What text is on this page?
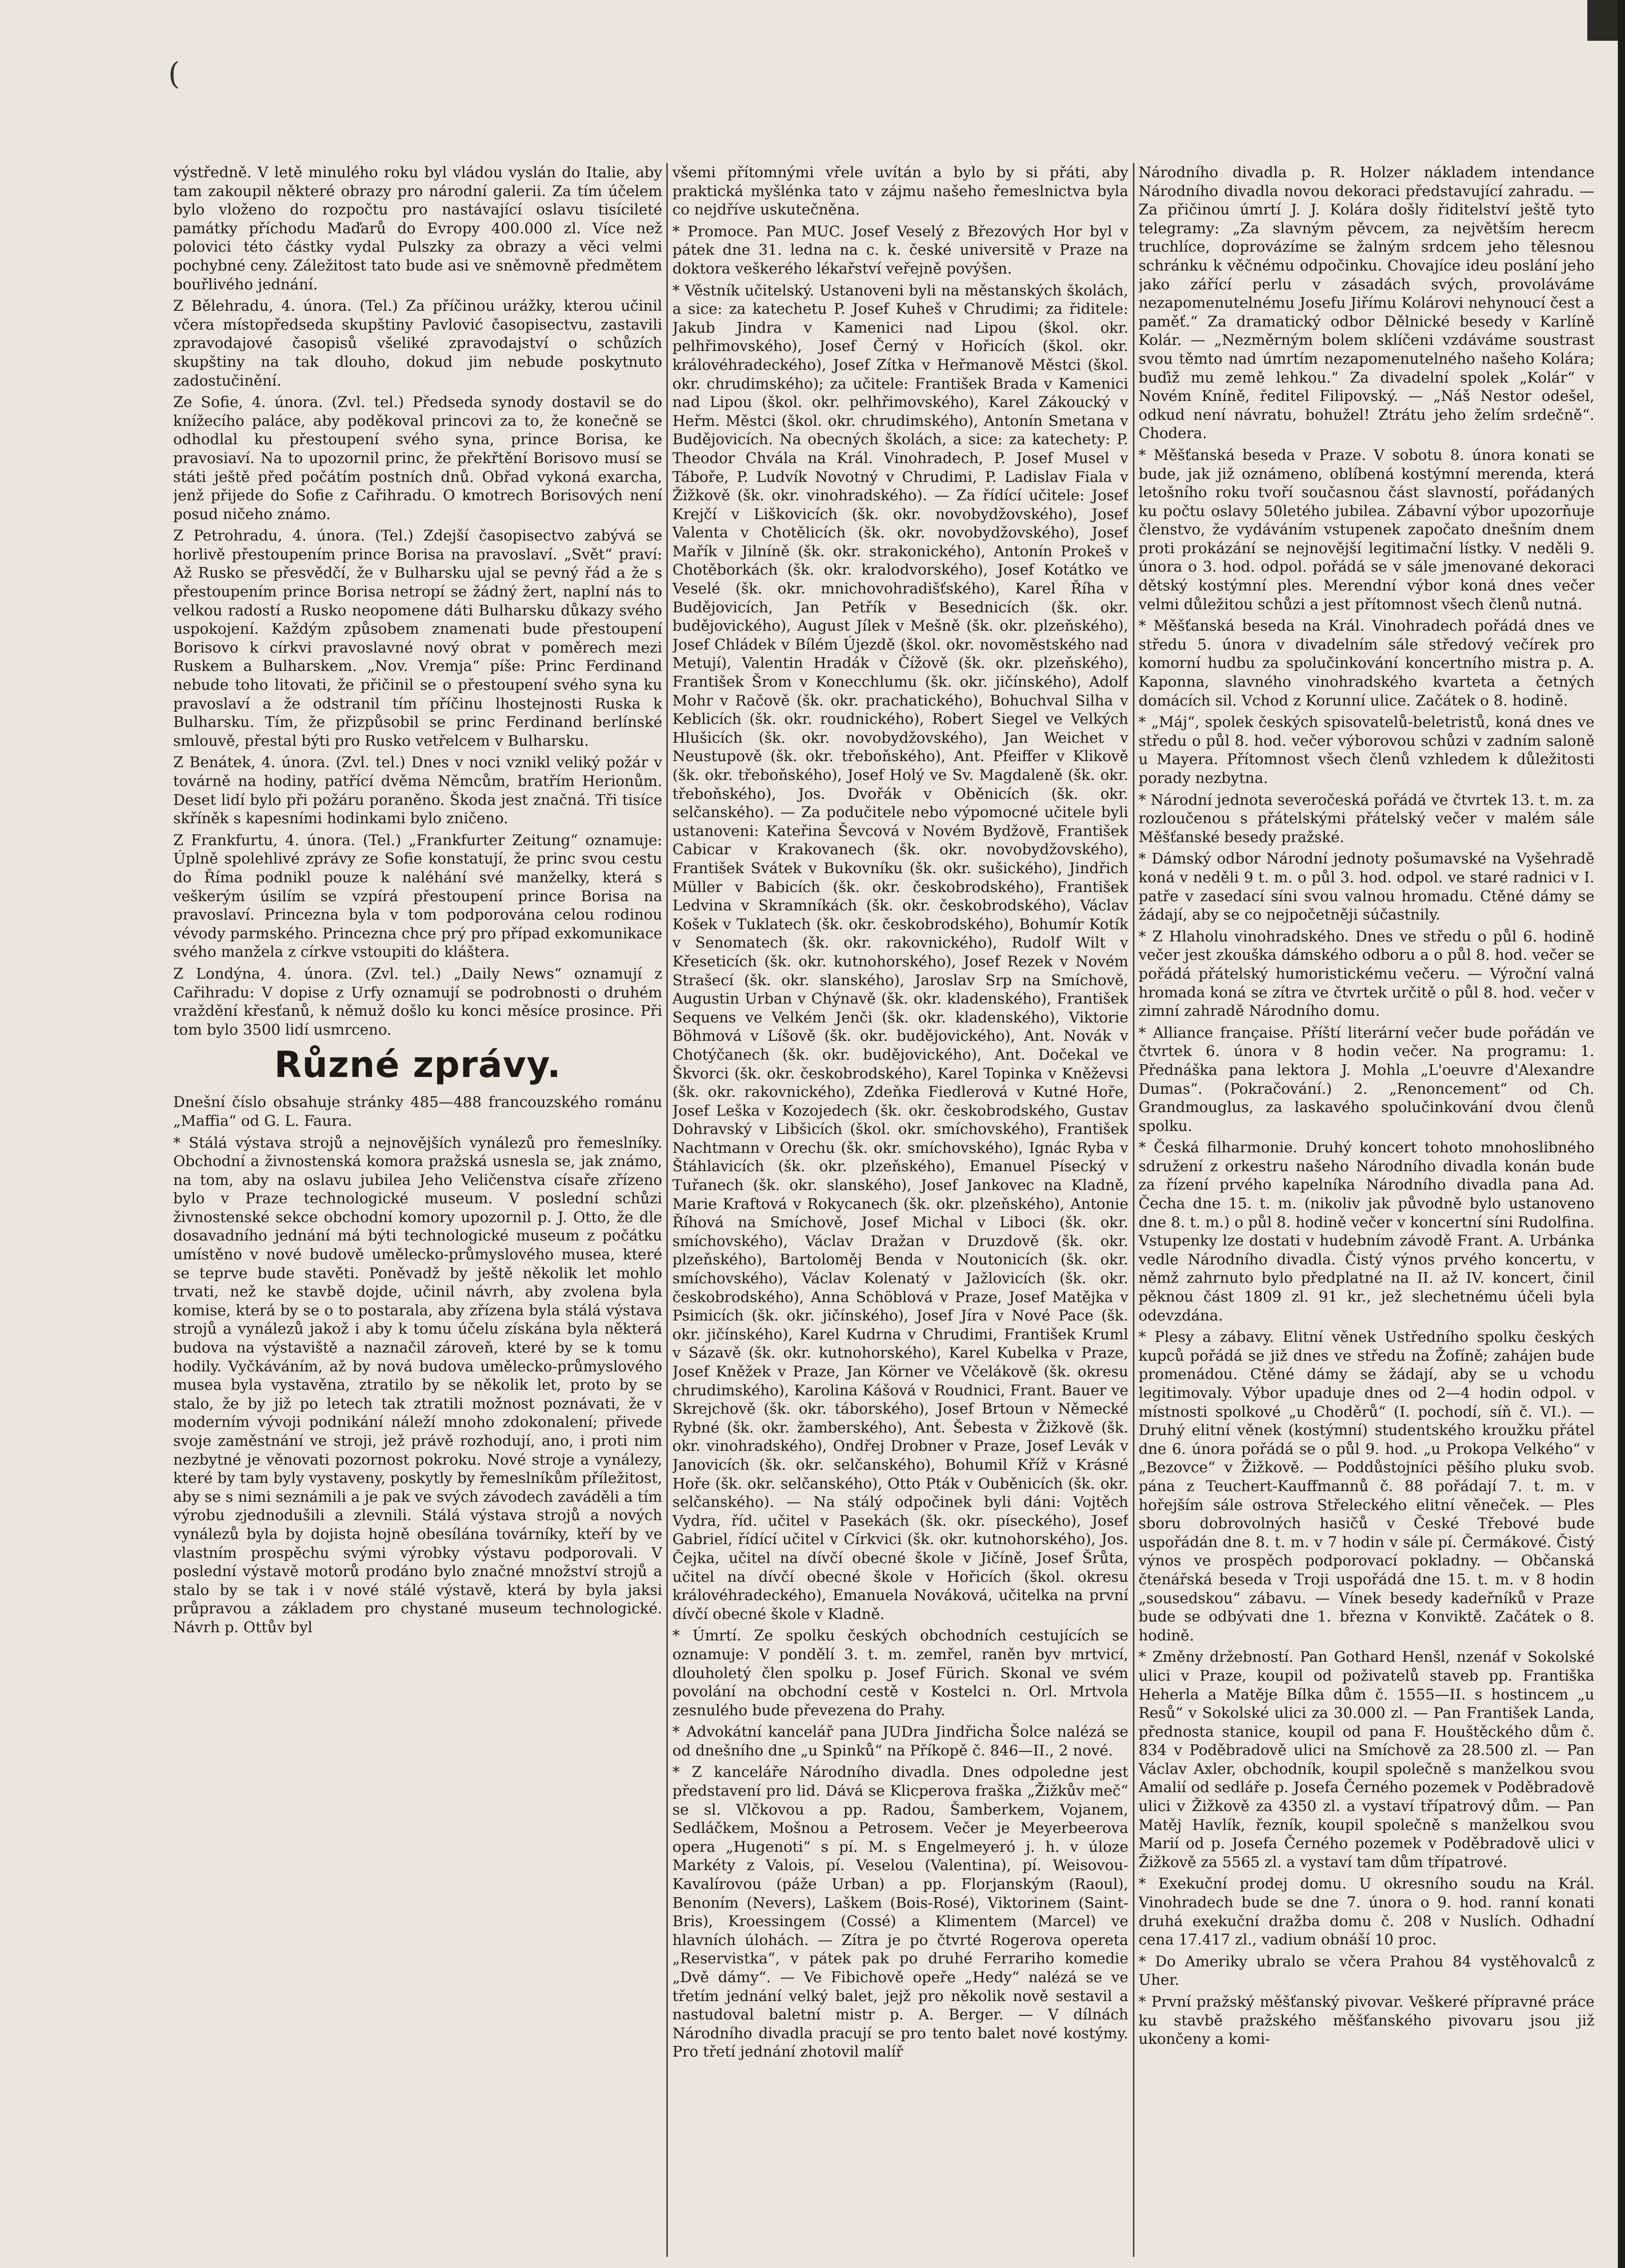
(

výstředně. V letě minulého roku byl vládou vyslán do Italie, aby tam zakoupil některé obrazy pro národní galerii. Za tím účelem bylo vloženo do rozpočtu pro nastávající oslavu tisícileté památky příchodu Maďarů do Evropy 400.000 zl. Více než polovici této částky vydal Pulszky za obrazy a věci velmi pochybné ceny. Záležitost tato bude asi ve sněmovně předmětem bouřlivého jednání.

Z Bělehradu, 4. února. (Tel.) Za příčinou urážky, kterou učinil včera místopředseda skupštiny Pavlović časopisectvu, zastavili zpravodajové časopisů všeliké zpravodajství o schůzích skupštiny na tak dlouho, dokud jim nebude poskytnuto zadostučinění.

Ze Sofie, 4. února. (Zvl. tel.) Předseda synody dostavil se do knížecího paláce, aby poděkoval princovi za to, že konečně se odhodlal ku přestoupení svého syna, prince Borisa, ke pravosiaví. Na to upozornil princ, že překřtění Borisovo musí se státi ještě před počátím postních dnů. Obřad vykoná exarcha, jenž přijede do Sofie z Cařihradu. O kmotrech Borisových není posud ničeho známo.

Z Petrohradu, 4. února. (Tel.) Zdejší časopisectvo zabývá se horlivě přestoupením prince Borisa na pravoslaví. „Svět“ praví: Až Rusko se přesvědčí, že v Bulharsku ujal se pevný řád a že s přestoupením prince Borisa netropí se žádný žert, naplní nás to velkou radostí a Rusko neopomene dáti Bulharsku důkazy svého uspokojení. Každým způsobem znamenati bude přestoupení Borisovo k církvi pravoslavné nový obrat v poměrech mezi Ruskem a Bulharskem. „Nov. Vremja“ píše: Princ Ferdinand nebude toho litovati, že přičinil se o přestoupení svého syna ku pravoslaví a že odstranil tím příčinu lhostejnosti Ruska k Bulharsku. Tím, že přizpůsobil se princ Ferdinand berlínské smlouvě, přestal býti pro Rusko vetřelcem v Bulharsku.

Z Benátek, 4. února. (Zvl. tel.) Dnes v noci vznikl veliký požár v továrně na hodiny, patřící dvěma Němcům, bratřím Herionům. Deset lidí bylo při požáru poraněno. Škoda jest značná. Tři tisíce skříněk s kapesními hodinkami bylo zničeno.

Z Frankfurtu, 4. února. (Tel.) „Frankfurter Zeitung“ oznamuje: Úplně spolehlivé zprávy ze Sofie konstatují, že princ svou cestu do Říma podnikl pouze k naléhání své manželky, která s veškerým úsilím se vzpírá přestoupení prince Borisa na pravoslaví. Princezna byla v tom podporována celou rodinou vévody parmského. Princezna chce prý pro případ exkomunikace svého manžela z církve vstoupiti do kláštera.

Z Londýna, 4. února. (Zvl. tel.) „Daily News“ oznamují z Cařihradu: V dopise z Urfy oznamují se podrobnosti o druhém vraždění křesťanů, k němuž došlo ku konci měsíce prosince. Při tom bylo 3500 lidí usmrceno.

Různé zprávy.

Dnešní číslo obsahuje stránky 485—488 francouzského románu „Maffia“ od G. L. Faura.

* Stálá výstava strojů a nejnovějších vynálezů pro řemeslníky. Obchodní a živnostenská komora pražská usnesla se, jak známo, na tom, aby na oslavu jubilea Jeho Veličenstva císaře zřízeno bylo v Praze technologické museum. V poslední schůzi živnostenské sekce obchodní komory upozornil p. J. Otto, že dle dosavadního jednání má býti technologické museum z počátku umístěno v nové budově umělecko-průmyslového musea, které se teprve bude stavěti. Poněvadž by ještě několik let mohlo trvati, než ke stavbě dojde, učinil návrh, aby zvolena byla komise, která by se o to postarala, aby zřízena byla stálá výstava strojů a vynálezů jakož i aby k tomu účelu získána byla některá budova na výstaviště a naznačil zároveň, které by se k tomu hodily. Vyčkáváním, až by nová budova umělecko-průmyslového musea byla vystavěna, ztratilo by se několik let, proto by se stalo, že by již po letech tak ztratili možnost poznávati, že v moderním vývoji podnikání náleží mnoho zdokonalení; přivede svoje zaměstnání ve stroji, jež právě rozhodují, ano, i proti nim nezbytné je věnovati pozornost pokroku. Nové stroje a vynálezy, které by tam byly vystaveny, poskytly by řemeslníkům příležitost, aby se s nimi seznámili a je pak ve svých závodech zaváděli a tím výrobu zjednodušili a zlevnili. Stálá výstava strojů a nových vynálezů byla by dojista hojně obesílána továrníky, kteří by ve vlastním prospěchu svými výrobky výstavu podporovali. V poslední výstavě motorů prodáno bylo značné množství strojů a stalo by se tak i v nové stálé výstavě, která by byla jaksi průpravou a základem pro chystané museum technologické. Návrh p. Ottův byl

všemi přítomnými vřele uvítán a bylo by si přáti, aby praktická myšlénka tato v zájmu našeho řemeslnictva byla co nejdříve uskutečněna.

* Promoce. Pan MUC. Josef Veselý z Březových Hor byl v pátek dne 31. ledna na c. k. české universitě v Praze na doktora veškerého lékařství veřejně povýšen.

* Věstník učitelský. Ustanoveni byli na městanských školách, a sice: za katechetu P. Josef Kuheš v Chrudimi; za řiditele: Jakub Jindra v Kamenici nad Lipou (škol. okr. pelhřimovského), Josef Černý v Hořicích (škol. okr. královéhradeckého), Josef Zítka v Heřmanově Městci (škol. okr. chrudimského); za učitele: František Brada v Kamenici nad Lipou (škol. okr. pelhřimovského), Karel Zákoucký v Heřm. Městci (škol. okr. chrudimského), Antonín Smetana v Budějovicích. Na obecných školách, a sice: za katechety: P. Theodor Chvála na Král. Vinohradech, P. Josef Musel v Táboře, P. Ludvík Novotný v Chrudimi, P. Ladislav Fiala v Žižkově (šk. okr. vinohradského). — Za řídící učitele: Josef Krejčí v Liškovicích (šk. okr. novobydžovského), Josef Valenta v Chotělicích (šk. okr. novobydžovského), Josef Mařík v Jilníně (šk. okr. strakonického), Antonín Prokeš v Chotěborkách (šk. okr. kralodvorského), Josef Kotátko ve Veselé (šk. okr. mnichovohradišťského), Karel Říha v Budějovicích, Jan Petřík v Besednicích (šk. okr. budějovického), August Jílek v Mešně (šk. okr. plzeňského), Josef Chládek v Bílém Újezdě (škol. okr. novoměstského nad Metují), Valentin Hradák v Čížově (šk. okr. plzeňského), František Šrom v Konecchlumu (šk. okr. jičínského), Adolf Mohr v Račově (šk. okr. prachatického), Bohuchval Silha v Keblicích (šk. okr. roudnického), Robert Siegel ve Velkých Hlušicích (šk. okr. novobydžovského), Jan Weichet v Neustupově (šk. okr. třeboňského), Ant. Pfeiffer v Klikově (šk. okr. třeboňského), Josef Holý ve Sv. Magdaleně (šk. okr. třeboňského), Jos. Dvořák v Oběnicích (šk. okr. selčanského). — Za podučitele nebo výpomocné učitele byli ustanoveni: Kateřina Ševcová v Novém Bydžově, František Cabicar v Krakovanech (šk. okr. novobydžovského), František Svátek v Bukovníku (šk. okr. sušického), Jindřich Müller v Babicích (šk. okr. českobrodského), František Ledvina v Skramníkách (šk. okr. českobrodského), Václav Košek v Tuklatech (šk. okr. českobrodského), Bohumír Kotík v Senomatech (šk. okr. rakovnického), Rudolf Wilt v Křeseticích (šk. okr. kutnohorského), Josef Rezek v Novém Strašecí (šk. okr. slanského), Jaroslav Srp na Smíchově, Augustin Urban v Chýnavě (šk. okr. kladenského), František Sequens ve Velkém Jenči (šk. okr. kladenského), Viktorie Böhmová v Líšově (šk. okr. budějovického), Ant. Novák v Chotýčanech (šk. okr. budějovického), Ant. Dočekal ve Škvorci (šk. okr. českobrodského), Karel Topinka v Kněževsi (šk. okr. rakovnického), Zdeňka Fiedlerová v Kutné Hoře, Josef Leška v Kozojedech (šk. okr. českobrodského, Gustav Dohravský v Libšicích (škol. okr. smíchovského), František Nachtmann v Orechu (šk. okr. smíchovského), Ignác Ryba v Štáhlavicích (šk. okr. plzeňského), Emanuel Písecký v Tuřanech (šk. okr. slanského), Josef Jankovec na Kladně, Marie Kraftová v Rokycanech (šk. okr. plzeňského), Antonie Říhová na Smíchově, Josef Michal v Liboci (šk. okr. smíchovského), Václav Dražan v Druzdově (šk. okr. plzeňského), Bartoloměj Benda v Noutonicích (šk. okr. smíchovského), Václav Kolenatý v Jažlovicích (šk. okr. českobrodského), Anna Schöblová v Praze, Josef Matějka v Psimicích (šk. okr. jičínského), Josef Jíra v Nové Pace (šk. okr. jičínského), Karel Kudrna v Chrudimi, František Kruml v Sázavě (šk. okr. kutnohorského), Karel Kubelka v Praze, Josef Kněžek v Praze, Jan Körner ve Včelákově (šk. okresu chrudimského), Karolina Kášová v Roudnici, Frant. Bauer ve Skrejchově (šk. okr. táborského), Josef Brtoun v Německé Rybné (šk. okr. žamberského), Ant. Šebesta v Žižkově (šk. okr. vinohradského), Ondřej Drobner v Praze, Josef Levák v Janovicích (šk. okr. selčanského), Bohumil Kříž v Krásné Hoře (šk. okr. selčanského), Otto Pták v Ouběnicích (šk. okr. selčanského). — Na stálý odpočinek byli dáni: Vojtěch Vydra, říd. učitel v Pasekách (šk. okr. píseckého), Josef Gabriel, řídící učitel v Církvici (šk. okr. kutnohorského), Jos. Čejka, učitel na dívčí obecné škole v Jičíně, Josef Šrůta, učitel na dívčí obecné škole v Hořicích (škol. okresu královéhradeckého), Emanuela Nováková, učitelka na první dívčí obecné škole v Kladně.

* Úmrtí. Ze spolku českých obchodních cestujících se oznamuje: V pondělí 3. t. m. zemřel, raněn byv mrtvicí, dlouholetý člen spolku p. Josef Fürich. Skonal ve svém povolání na obchodní cestě v Kostelci n. Orl. Mrtvola zesnulého bude převezena do Prahy.

* Advokátní kancelář pana JUDra Jindřicha Šolce nalézá se od dnešního dne „u Spinků“ na Příkopě č. 846—II., 2 nové.

* Z kanceláře Národního divadla. Dnes odpoledne jest představení pro lid. Dává se Klicperova fraška „Žižkův meč“ se sl. Vlčkovou a pp. Radou, Šamberkem, Vojanem, Sedláčkem, Mošnou a Petrosem. Večer je Meyerbeerova opera „Hugenoti“ s pí. M. s Engelmeyeró j. h. v úloze Markéty z Valois, pí. Veselou (Valentina), pí. Weisovou-Kavalírovou (páže Urban) a pp. Florjanským (Raoul), Benoním (Nevers), Laškem (Bois-Rosé), Viktorinem (Saint-Bris), Kroessingem (Cossé) a Klimentem (Marcel) ve hlavních úlohách. — Zítra je po čtvrté Rogerova opereta „Reservistka“, v pátek pak po druhé Ferrariho komedie „Dvě dámy“. — Ve Fibichově opeře „Hedy“ nalézá se ve třetím jednání velký balet, jejž pro několik nově sestavil a nastudoval baletní mistr p. A. Berger. — V dílnách Národního divadla pracují se pro tento balet nové kostýmy. Pro třetí jednání zhotovil malíř

Národního divadla p. R. Holzer nákladem intendance Národního divadla novou dekoraci představující zahradu. — Za přičinou úmrtí J. J. Kolára došly řiditelství ještě tyto telegramy: „Za slavným pěvcem, za největším herecm truchlíce, doprovázíme se žalným srdcem jeho tělesnou schránku k věčnému odpočinku. Chovajíce ideu poslání jeho jako zářící perlu v zásadách svých, provoláváme nezapomenutelnému Josefu Jiřímu Kolárovi nehynoucí čest a paměť.“ Za dramatický odbor Dělnické besedy v Karlíně Kolár. — „Nezměrným bolem sklíčeni vzdáváme soustrast svou těmto nad úmrtím nezapomenutelného našeho Kolára; buďiž mu země lehkou.“ Za divadelní spolek „Kolár“ v Novém Kníně, ředitel Filipovský. — „Náš Nestor odešel, odkud není návratu, bohužel! Ztrátu jeho želím srdečně“. Chodera.

* Měšťanská beseda v Praze. V sobotu 8. února konati se bude, jak již oznámeno, oblíbená kostýmní merenda, která letošního roku tvoří současnou část slavností, pořádaných ku počtu oslavy 50letého jubilea. Zábavní výbor upozorňuje členstvo, že vydáváním vstupenek započato dnešním dnem proti prokázání se nejnovější legitimační lístky. V neděli 9. února o 3. hod. odpol. pořádá se v sále jmenované dekoraci dětský kostýmní ples. Merendní výbor koná dnes večer velmi důležitou schůzi a jest přítomnost všech členů nutná.

* Měšťanská beseda na Král. Vinohradech pořádá dnes ve středu 5. února v divadelním sále středový večírek pro komorní hudbu za spolučinkování koncertního mistra p. A. Kaponna, slavného vinohradského kvarteta a četných domácích sil. Vchod z Korunní ulice. Začátek o 8. hodině.

* „Máj“, spolek českých spisovatelů-beletristů, koná dnes ve středu o půl 8. hod. večer výborovou schůzi v zadním saloně u Mayera. Přítomnost všech členů vzhledem k důležitosti porady nezbytna.

* Národní jednota severočeská pořádá ve čtvrtek 13. t. m. za rozloučenou s přátelskými přátelský večer v malém sále Měšťanské besedy pražské.

* Dámský odbor Národní jednoty pošumavské na Vyšehradě koná v neděli 9 t. m. o půl 3. hod. odpol. ve staré radnici v I. patře v zasedací síni svou valnou hromadu. Ctěné dámy se žádají, aby se co nejpočetněji súčastnily.

* Z Hlaholu vinohradského. Dnes ve středu o půl 6. hodině večer jest zkouška dámského odboru a o půl 8. hod. večer se pořádá přátelský humoristickému večeru. — Výroční valná hromada koná se zítra ve čtvrtek určitě o půl 8. hod. večer v zimní zahradě Národního domu.

* Alliance française. Příští literární večer bude pořádán ve čtvrtek 6. února v 8 hodin večer. Na programu: 1. Přednáška pana lektora J. Mohla „L'oeuvre d'Alexandre Dumas“. (Pokračování.) 2. „Renoncement“ od Ch. Grandmouglus, za laskavého spolučinkování dvou členů spolku.

* Česká filharmonie. Druhý koncert tohoto mnohoslibného sdružení z orkestru našeho Národního divadla konán bude za řízení prvého kapelníka Národního divadla pana Ad. Čecha dne 15. t. m. (nikoliv jak původně bylo ustanoveno dne 8. t. m.) o půl 8. hodině večer v koncertní síni Rudolfina. Vstupenky lze dostati v hudebním závodě Frant. A. Urbánka vedle Národního divadla. Čistý výnos prvého koncertu, v němž zahrnuto bylo předplatné na II. až IV. koncert, činil pěknou část 1809 zl. 91 kr., jež slechetnému účeli byla odevzdána.

* Plesy a zábavy. Elitní věnek Ustředního spolku českých kupců pořádá se již dnes ve středu na Žofíně; zahájen bude promenádou. Ctěné dámy se žádají, aby se u vchodu legitimovaly. Výbor upaduje dnes od 2—4 hodin odpol. v místnosti spolkové „u Choděrů“ (I. pochodí, síň č. VI.). — Druhý elitní věnek (kostýmní) studentského kroužku přátel dne 6. února pořádá se o půl 9. hod. „u Prokopa Velkého“ v „Bezovce“ v Žižkově. — Poddůstojníci pěšího pluku svob. pána z Teuchert-Kauffmannů č. 88 pořádají 7. t. m. v hořejším sále ostrova Střeleckého elitní věneček. — Ples sboru dobrovolných hasičů v České Třebové bude uspořádán dne 8. t. m. v 7 hodin v sále pí. Čermákové. Čistý výnos ve prospěch podporovací pokladny. — Občanská čtenářská beseda v Troji uspořádá dne 15. t. m. v 8 hodin „sousedskou“ zábavu. — Vínek besedy kadeřníků v Praze bude se odbývati dne 1. března v Konviktě. Začátek o 8. hodině.

* Změny držebností. Pan Gothard Henšl, nzenáf v Sokolské ulici v Praze, koupil od poživatelů staveb pp. Františka Heherla a Matěje Bílka dům č. 1555—II. s hostincem „u Resů“ v Sokolské ulici za 30.000 zl. — Pan František Landa, přednosta stanice, koupil od pana F. Houštěckého dům č. 834 v Poděbradově ulici na Smíchově za 28.500 zl. — Pan Václav Axler, obchodník, koupil společně s manželkou svou Amalií od sedláře p. Josefa Černého pozemek v Poděbradově ulici v Žižkově za 4350 zl. a vystaví třípatrový dům. — Pan Matěj Havlík, řezník, koupil společně s manželkou svou Marií od p. Josefa Černého pozemek v Poděbradově ulici v Žižkově za 5565 zl. a vystaví tam dům třípatrové.

* Exekuční prodej domu. U okresního soudu na Král. Vinohradech bude se dne 7. února o 9. hod. ranní konati druhá exekuční dražba domu č. 208 v Nuslích. Odhadní cena 17.417 zl., vadium obnáší 10 proc.

* Do Ameriky ubralo se včera Prahou 84 vystěhovalců z Uher.

* První pražský měšťanský pivovar. Veškeré přípravné práce ku stavbě pražského měšťanského pivovaru jsou již ukončeny a komi-
